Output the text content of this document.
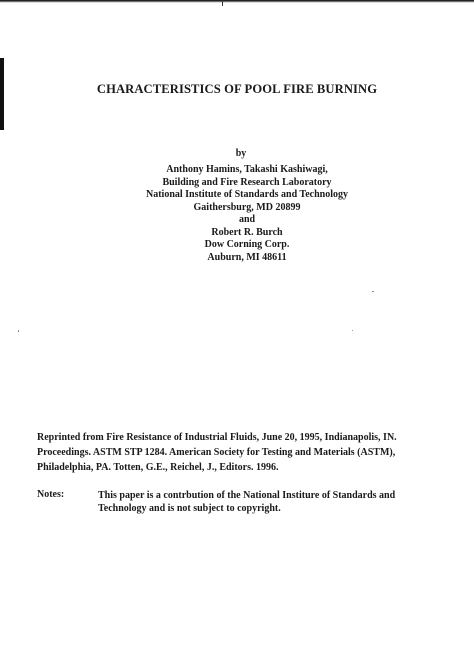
CHARACTERISTICS OF POOL FIRE BURNING
by
Anthony Hamins, Takashi Kashiwagi,
Building and Fire Research Laboratory
National Institute of Standards and Technology
Gaithersburg, MD 20899
and
Robert R. Burch
Dow Corning Corp.
Auburn, MI 48611
Reprinted from Fire Resistance of Industrial Fluids, June 20, 1995, Indianapolis, IN.
Proceedings. ASTM STP 1284. American Society for Testing and Materials (ASTM),
Philadelphia, PA. Totten, G.E., Reichel, J., Editors. 1996.
Notes:	This paper is a contrbution of the National Institure of Standards and
Technology and is not subject to copyright.
